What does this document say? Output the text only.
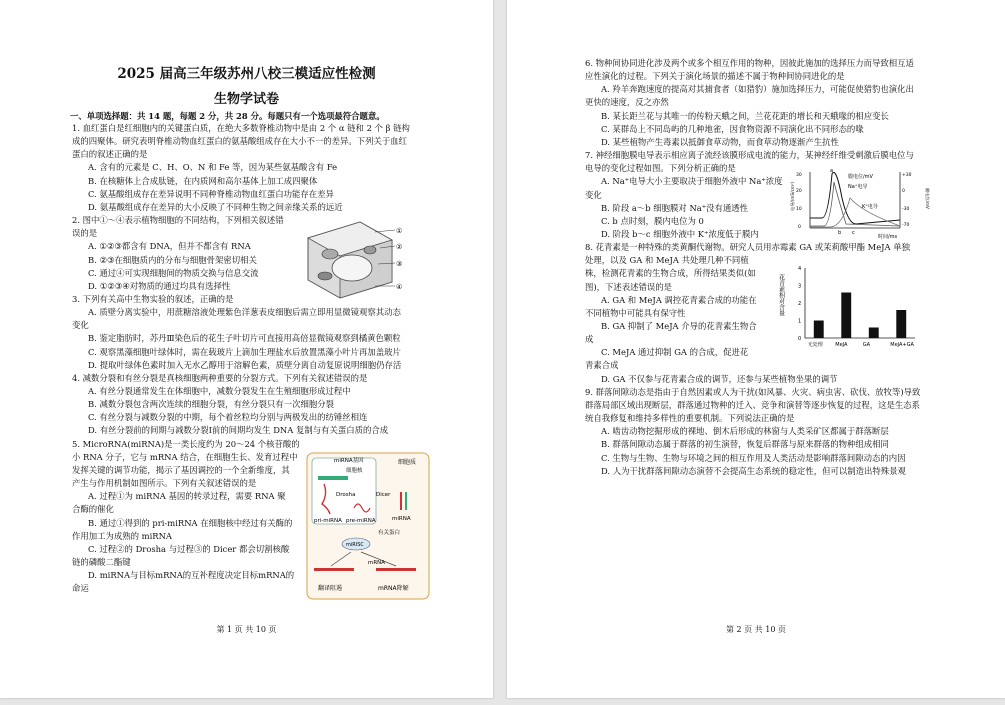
2025 届高三年级苏州八校三模适应性检测
生物学试卷
一、单项选择题：共 14 题，每题 2 分，共 28 分。每题只有一个选项最符合题意。
1. 血红蛋白是红细胞内的关键蛋白质，在绝大多数脊椎动物中是由 2 个 α 链和 2 个 β 链构
成的四聚体。研究表明脊椎动物血红蛋白的氨基酸组成存在大小不一的差异。下列关于血红
蛋白的叙述正确的是
A. 含有的元素是 C、H、O、N 和 Fe 等，因为某些氨基酸含有 Fe
B. 在核糖体上合成肽链，在内质网和高尔基体上加工成四聚体
C. 氨基酸组成存在差异说明不同种脊椎动物血红蛋白功能存在差异
D. 氨基酸组成存在差异的大小反映了不同种生物之间亲缘关系的远近
2. 图中①～④表示植物细胞的不同结构，下列相关叙述错
误的是
A. ①②③都含有 DNA，但并不都含有 RNA
B. ②③在细胞质内的分布与细胞骨架密切相关
C. 通过④可实现细胞间的物质交换与信息交流
D. ①②③④对物质的通过均具有选择性
3. 下列有关高中生物实验的叙述，正确的是
A. 质壁分离实验中，用蔗糖溶液处理紫色洋葱表皮细胞后需立即用显微镜观察其动态
变化
B. 鉴定脂肪时，苏丹Ⅲ染色后的花生子叶切片可直接用高倍显微镜观察到橘黄色颗粒
C. 观察黑藻细胞叶绿体时，需在载玻片上滴加生理盐水后放置黑藻小叶片再加盖玻片
D. 提取叶绿体色素时加入无水乙醇用于溶解色素，质壁分离自动复原说明细胞仍存活
4. 减数分裂和有丝分裂是真核细胞两种重要的分裂方式。下列有关叙述错误的是
A. 有丝分裂通常发生在体细胞中，减数分裂发生在生殖细胞形成过程中
B. 减数分裂包含两次连续的细胞分裂，有丝分裂只有一次细胞分裂
C. 有丝分裂与减数分裂的中期，每个着丝粒均分别与两极发出的纺锤丝相连
D. 有丝分裂前的间期与减数分裂Ⅰ前的间期均发生 DNA 复制与有关蛋白质的合成
5. MicroRNA(miRNA)是一类长度约为 20～24 个核苷酸的
小 RNA 分子，它与 mRNA 结合，在细胞生长、发育过程中
发挥关键的调节功能，揭示了基因调控的一个全新维度，其
产生与作用机制如图所示。下列有关叙述错误的是
A. 过程①为 miRNA 基因的转录过程，需要 RNA 聚
合酶的催化
B. 通过①得到的 pri-miRNA 在细胞核中经过有关酶的
作用加工为成熟的 miRNA
C. 过程②的 Drosha 与过程③的 Dicer 都会切割核酸
链的磷酸二酯键
D. miRNA与目标mRNA的互补程度决定目标mRNA的
命运
①
②
③
④
细胞质
miRNA基因
细胞核
Drosha
pri-miRNA
Dicer
pre-miRNA	miRNA
有关蛋白
miRISC
mRNA
翻译阻遏	mRNA降解
第 1 页 共 10 页
6. 物种间协同进化涉及两个或多个相互作用的物种，因彼此施加的选择压力而导致相互适
应性演化的过程。下列关于演化场景的描述不属于物种间协同进化的是
A. 羚羊奔跑速度的提高对其捕食者（如猎豹）施加选择压力，可能促使猎豹也演化出
更快的速度，反之亦然
B. 某长距兰花与其唯一的传粉天蛾之间，兰花花距的增长和天蛾喙的相应变长
C. 某群岛上不同岛屿的几种地雀，因食物资源不同演化出不同形态的喙
D. 某些植物产生毒素以抵御食草动物，而食草动物逐渐产生抗性
7. 神经细胞膜电导表示相应离子流经该膜形成电流的能力，某神经纤维受刺激后膜电位与
电导的变化过程如图。下列分析正确的是
A. Na⁺电导大小主要取决于细胞外液中 Na⁺浓度
变化
B. 阶段 a～b 细胞膜对 Na⁺没有通透性
C. b 点时刻，膜内电位为 0
D. 阶段 b～c 细胞外液中 K⁺浓度低于膜内
8. 花青素是一种特殊的类黄酮代谢物。研究人员用赤霉素 GA 或茉莉酸甲酯 MeJA 单独
处理，以及 GA 和 MeJA 共处理几种不同植
株，检测花青素的生物合成，所得结果类似(如
图)，下述表述错误的是
A. GA 和 MeJA 调控花青素合成的功能在
不同植物中可能具有保守性
B. GA 抑制了 MeJA 介导的花青素生物合
成
C. MeJA 通过抑制 GA 的合成，促进花
青素合成
D. GA 不仅参与花青素合成的调节，还参与某些植物坐果的调节
9. 群落间隙动态是指由于自然因素或人为干扰(如风暴、火灾、病虫害、砍伐、放牧等)导致
群落局部区域出现断层，群落通过物种的迁入、竞争和演替等逐步恢复的过程，这是生态系
统自我修复和维持多样性的重要机制。下列说法正确的是
A. 啮齿动物挖掘形成的裸地、倒木后形成的林窗与人类采矿区都属于群落断层
B. 群落间隙动态属于群落的初生演替，恢复后群落与原来群落的物种组成相同
C. 生物与生物、生物与环境之间的相互作用及人类活动是影响群落间隙动态的内因
D. 人为干扰群落间隙动态演替不会提高生态系统的稳定性，但可以制造出特殊景观
30
20
10
0
+30
0
-30
-70
膜电位/mV
Na⁺电导
K⁺电导
a
b c
时间/ms
电导/(mS/cm²)	膜电位/mV
花青素相对含量
0
1
2
3
4
无处理 MeJA	GA	MeJA+GA
第 2 页 共 10 页
